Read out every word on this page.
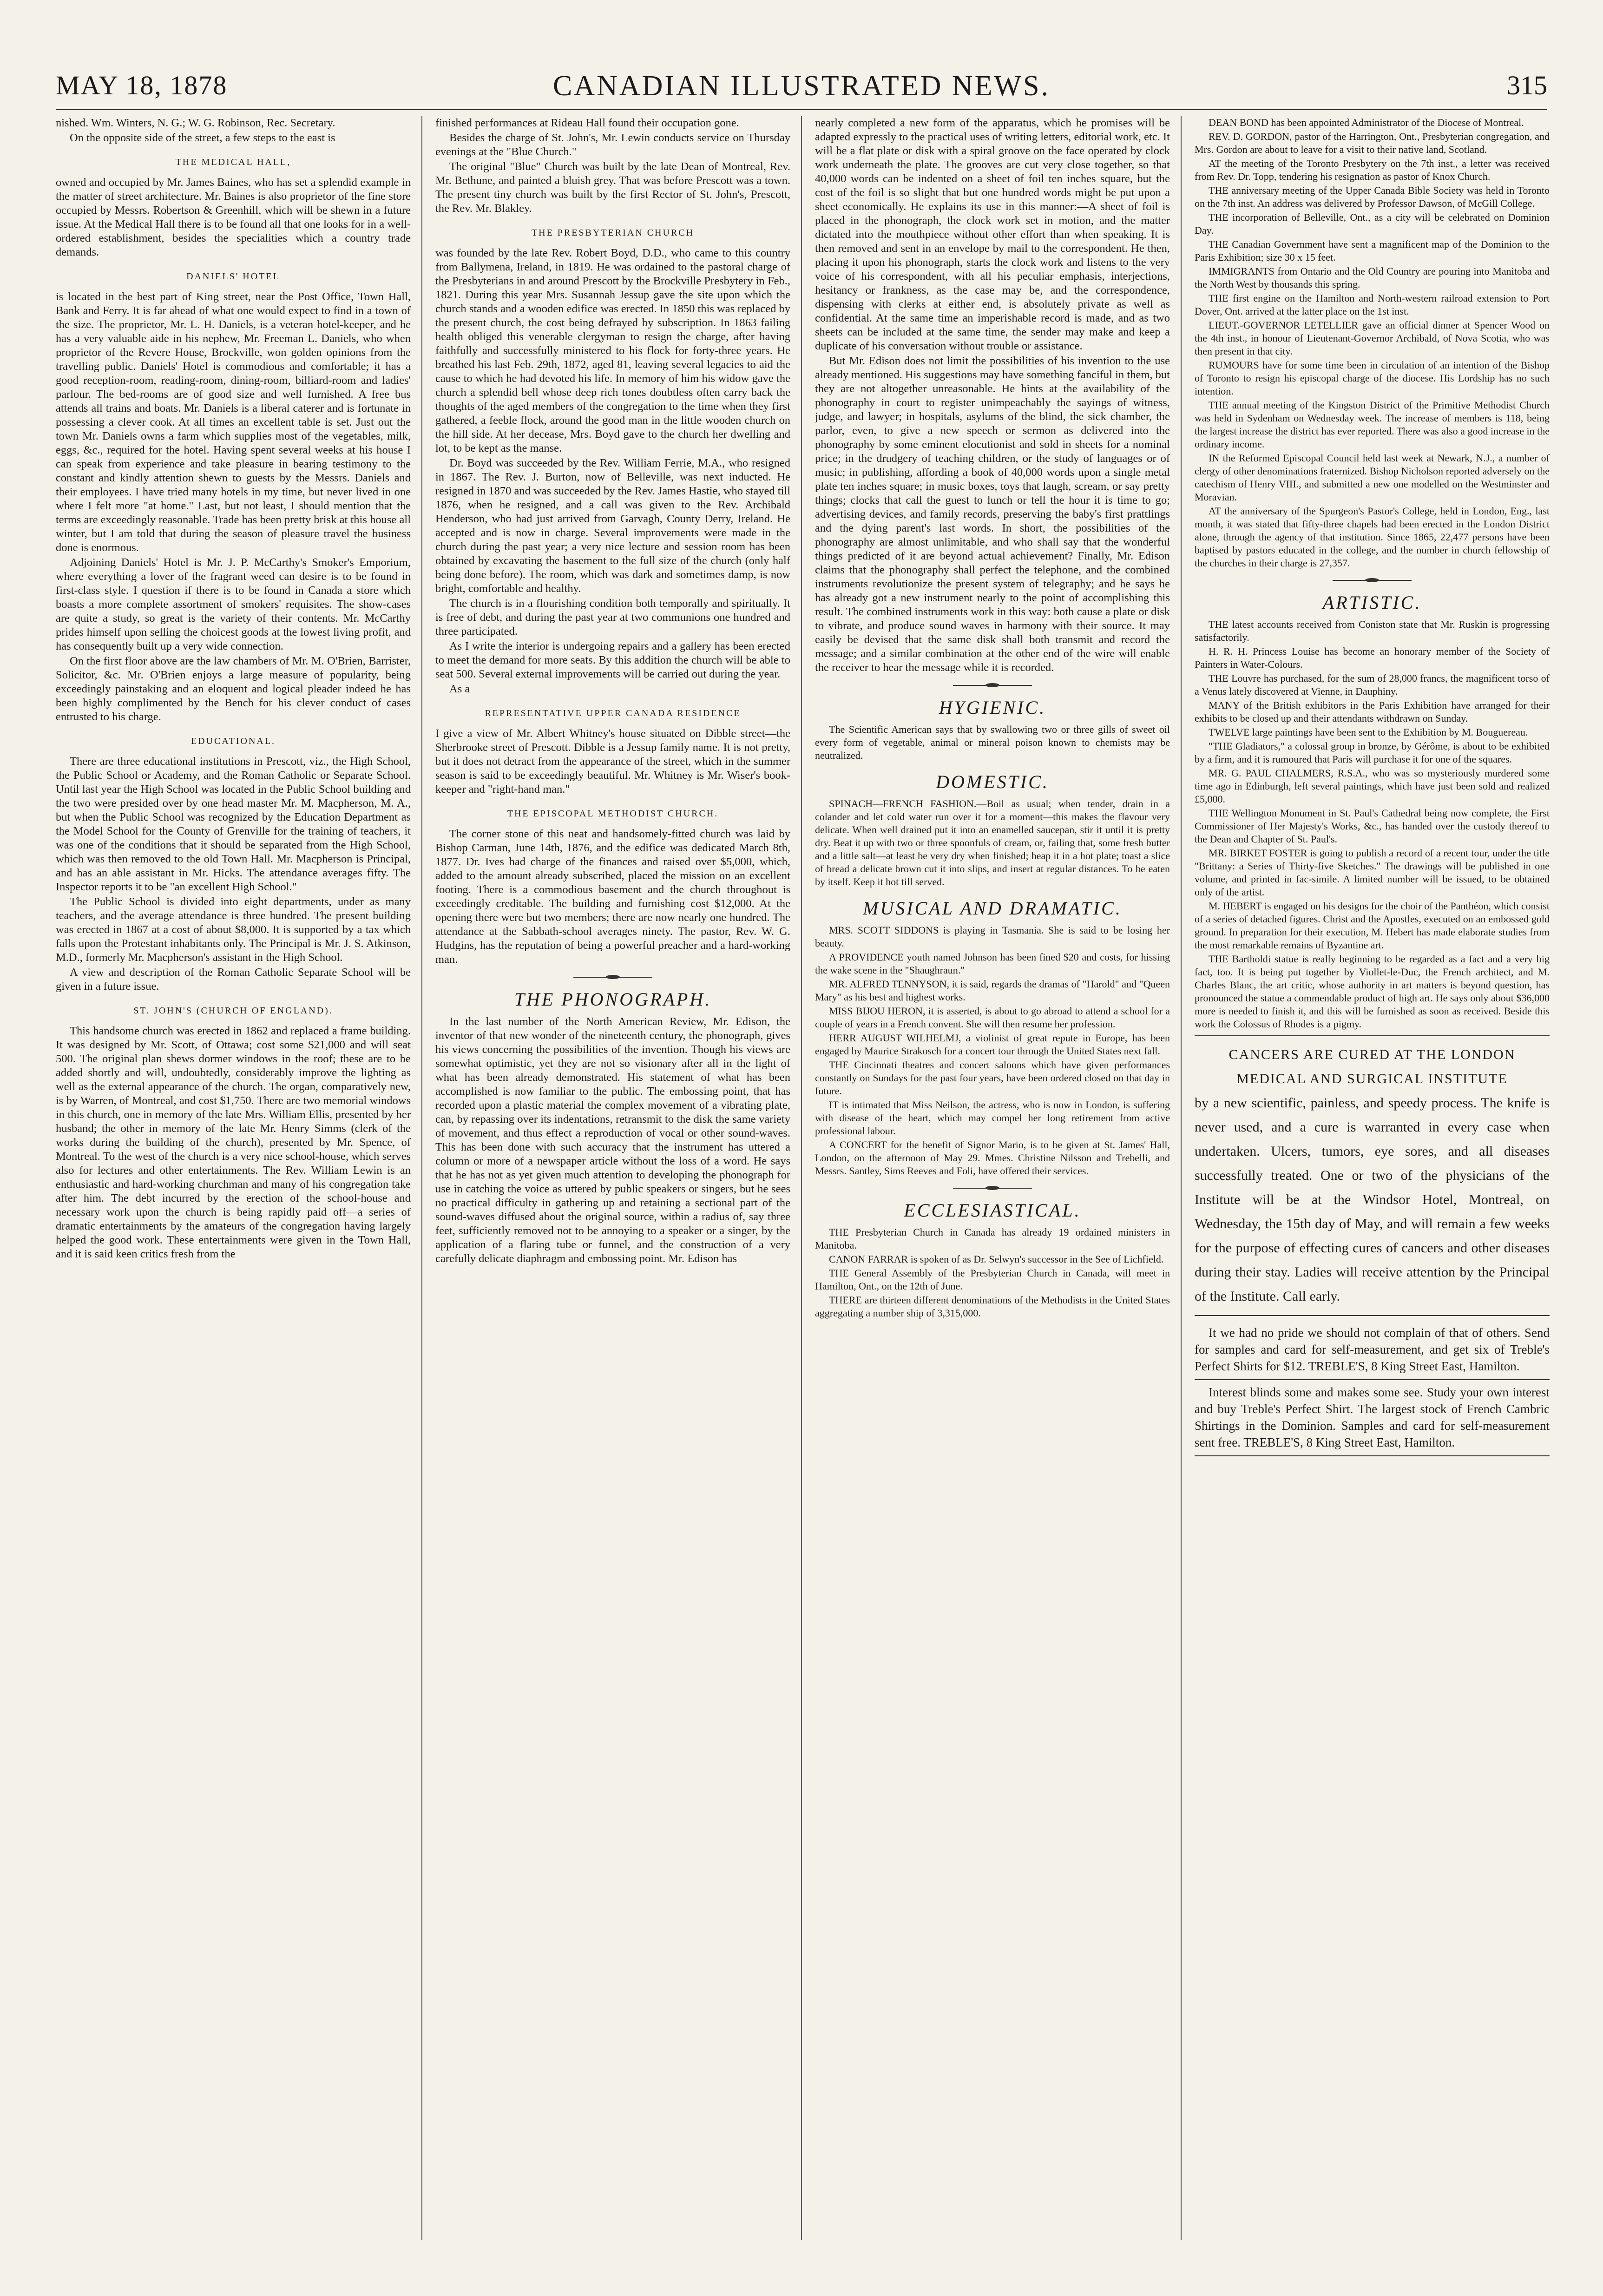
MAY 18, 1878	CANADIAN ILLUSTRATED NEWS.	315

nished. Wm. Winters, N. G.; W. G. Robinson, Rec. Secretary.

On the opposite side of the street, a few steps to the east is

THE MEDICAL HALL,

owned and occupied by Mr. James Baines, who has set a splendid example in the matter of street architecture. Mr. Baines is also proprietor of the fine store occupied by Messrs. Robertson & Greenhill, which will be shewn in a future issue. At the Medical Hall there is to be found all that one looks for in a well-ordered establishment, besides the specialities which a country trade demands.

DANIELS' HOTEL

is located in the best part of King street, near the Post Office, Town Hall, Bank and Ferry. It is far ahead of what one would expect to find in a town of the size. The proprietor, Mr. L. H. Daniels, is a veteran hotel-keeper, and he has a very valuable aide in his nephew, Mr. Freeman L. Daniels, who when proprietor of the Revere House, Brockville, won golden opinions from the travelling public. Daniels' Hotel is commodious and comfortable; it has a good reception-room, reading-room, dining-room, billiard-room and ladies' parlour. The bed-rooms are of good size and well furnished. A free bus attends all trains and boats. Mr. Daniels is a liberal caterer and is fortunate in possessing a clever cook. At all times an excellent table is set. Just out the town Mr. Daniels owns a farm which supplies most of the vegetables, milk, eggs, &c., required for the hotel. Having spent several weeks at his house I can speak from experience and take pleasure in bearing testimony to the constant and kindly attention shewn to guests by the Messrs. Daniels and their employees. I have tried many hotels in my time, but never lived in one where I felt more "at home." Last, but not least, I should mention that the terms are exceedingly reasonable. Trade has been pretty brisk at this house all winter, but I am told that during the season of pleasure travel the business done is enormous.

Adjoining Daniels' Hotel is Mr. J. P. McCarthy's Smoker's Emporium, where everything a lover of the fragrant weed can desire is to be found in first-class style. I question if there is to be found in Canada a store which boasts a more complete assortment of smokers' requisites. The show-cases are quite a study, so great is the variety of their contents. Mr. McCarthy prides himself upon selling the choicest goods at the lowest living profit, and has consequently built up a very wide connection.

On the first floor above are the law chambers of Mr. M. O'Brien, Barrister, Solicitor, &c. Mr. O'Brien enjoys a large measure of popularity, being exceedingly painstaking and an eloquent and logical pleader indeed he has been highly complimented by the Bench for his clever conduct of cases entrusted to his charge.

EDUCATIONAL.

There are three educational institutions in Prescott, viz., the High School, the Public School or Academy, and the Roman Catholic or Separate School. Until last year the High School was located in the Public School building and the two were presided over by one head master Mr. M. Macpherson, M. A., but when the Public School was recognized by the Education Department as the Model School for the County of Grenville for the training of teachers, it was one of the conditions that it should be separated from the High School, which was then removed to the old Town Hall. Mr. Macpherson is Principal, and has an able assistant in Mr. Hicks. The attendance averages fifty. The Inspector reports it to be "an excellent High School."

The Public School is divided into eight departments, under as many teachers, and the average attendance is three hundred. The present building was erected in 1867 at a cost of about $8,000. It is supported by a tax which falls upon the Protestant inhabitants only. The Principal is Mr. J. S. Atkinson, M.D., formerly Mr. Macpherson's assistant in the High School.

A view and description of the Roman Catholic Separate School will be given in a future issue.

ST. JOHN'S (CHURCH OF ENGLAND).

This handsome church was erected in 1862 and replaced a frame building. It was designed by Mr. Scott, of Ottawa; cost some $21,000 and will seat 500. The original plan shews dormer windows in the roof; these are to be added shortly and will, undoubtedly, considerably improve the lighting as well as the external appearance of the church. The organ, comparatively new, is by Warren, of Montreal, and cost $1,750. There are two memorial windows in this church, one in memory of the late Mrs. William Ellis, presented by her husband; the other in memory of the late Mr. Henry Simms (clerk of the works during the building of the church), presented by Mr. Spence, of Montreal. To the west of the church is a very nice school-house, which serves also for lectures and other entertainments. The Rev. William Lewin is an enthusiastic and hard-working churchman and many of his congregation take after him. The debt incurred by the erection of the school-house and necessary work upon the church is being rapidly paid off—a series of dramatic entertainments by the amateurs of the congregation having largely helped the good work. These entertainments were given in the Town Hall, and it is said keen critics fresh from the

finished performances at Rideau Hall found their occupation gone.

Besides the charge of St. John's, Mr. Lewin conducts service on Thursday evenings at the "Blue Church."

The original "Blue" Church was built by the late Dean of Montreal, Rev. Mr. Bethune, and painted a bluish grey. That was before Prescott was a town. The present tiny church was built by the first Rector of St. John's, Prescott, the Rev. Mr. Blakley.

THE PRESBYTERIAN CHURCH

was founded by the late Rev. Robert Boyd, D.D., who came to this country from Ballymena, Ireland, in 1819. He was ordained to the pastoral charge of the Presbyterians in and around Prescott by the Brockville Presbytery in Feb., 1821. During this year Mrs. Susannah Jessup gave the site upon which the church stands and a wooden edifice was erected. In 1850 this was replaced by the present church, the cost being defrayed by subscription. In 1863 failing health obliged this venerable clergyman to resign the charge, after having faithfully and successfully ministered to his flock for forty-three years. He breathed his last Feb. 29th, 1872, aged 81, leaving several legacies to aid the cause to which he had devoted his life. In memory of him his widow gave the church a splendid bell whose deep rich tones doubtless often carry back the thoughts of the aged members of the congregation to the time when they first gathered, a feeble flock, around the good man in the little wooden church on the hill side. At her decease, Mrs. Boyd gave to the church her dwelling and lot, to be kept as the manse.

Dr. Boyd was succeeded by the Rev. William Ferrie, M.A., who resigned in 1867. The Rev. J. Burton, now of Belleville, was next inducted. He resigned in 1870 and was succeeded by the Rev. James Hastie, who stayed till 1876, when he resigned, and a call was given to the Rev. Archibald Henderson, who had just arrived from Garvagh, County Derry, Ireland. He accepted and is now in charge. Several improvements were made in the church during the past year; a very nice lecture and session room has been obtained by excavating the basement to the full size of the church (only half being done before). The room, which was dark and sometimes damp, is now bright, comfortable and healthy.

The church is in a flourishing condition both temporally and spiritually. It is free of debt, and during the past year at two communions one hundred and three participated.

As I write the interior is undergoing repairs and a gallery has been erected to meet the demand for more seats. By this addition the church will be able to seat 500. Several external improvements will be carried out during the year.

As a

REPRESENTATIVE UPPER CANADA RESIDENCE

I give a view of Mr. Albert Whitney's house situated on Dibble street—the Sherbrooke street of Prescott. Dibble is a Jessup family name. It is not pretty, but it does not detract from the appearance of the street, which in the summer season is said to be exceedingly beautiful. Mr. Whitney is Mr. Wiser's book-keeper and "right-hand man."

THE EPISCOPAL METHODIST CHURCH.

The corner stone of this neat and handsomely-fitted church was laid by Bishop Carman, June 14th, 1876, and the edifice was dedicated March 8th, 1877. Dr. Ives had charge of the finances and raised over $5,000, which, added to the amount already subscribed, placed the mission on an excellent footing. There is a commodious basement and the church throughout is exceedingly creditable. The building and furnishing cost $12,000. At the opening there were but two members; there are now nearly one hundred. The attendance at the Sabbath-school averages ninety. The pastor, Rev. W. G. Hudgins, has the reputation of being a powerful preacher and a hard-working man.

THE PHONOGRAPH.

In the last number of the North American Review, Mr. Edison, the inventor of that new wonder of the nineteenth century, the phonograph, gives his views concerning the possibilities of the invention. Though his views are somewhat optimistic, yet they are not so visionary after all in the light of what has been already demonstrated. His statement of what has been accomplished is now familiar to the public. The embossing point, that has recorded upon a plastic material the complex movement of a vibrating plate, can, by repassing over its indentations, retransmit to the disk the same variety of movement, and thus effect a reproduction of vocal or other sound-waves. This has been done with such accuracy that the instrument has uttered a column or more of a newspaper article without the loss of a word. He says that he has not as yet given much attention to developing the phonograph for use in catching the voice as uttered by public speakers or singers, but he sees no practical difficulty in gathering up and retaining a sectional part of the sound-waves diffused about the original source, within a radius of, say three feet, sufficiently removed not to be annoying to a speaker or a singer, by the application of a flaring tube or funnel, and the construction of a very carefully delicate diaphragm and embossing point. Mr. Edison has

nearly completed a new form of the apparatus, which he promises will be adapted expressly to the practical uses of writing letters, editorial work, etc. It will be a flat plate or disk with a spiral groove on the face operated by clock work underneath the plate. The grooves are cut very close together, so that 40,000 words can be indented on a sheet of foil ten inches square, but the cost of the foil is so slight that but one hundred words might be put upon a sheet economically. He explains its use in this manner:—A sheet of foil is placed in the phonograph, the clock work set in motion, and the matter dictated into the mouthpiece without other effort than when speaking. It is then removed and sent in an envelope by mail to the correspondent. He then, placing it upon his phonograph, starts the clock work and listens to the very voice of his correspondent, with all his peculiar emphasis, interjections, hesitancy or frankness, as the case may be, and the correspondence, dispensing with clerks at either end, is absolutely private as well as confidential. At the same time an imperishable record is made, and as two sheets can be included at the same time, the sender may make and keep a duplicate of his conversation without trouble or assistance.

But Mr. Edison does not limit the possibilities of his invention to the use already mentioned. His suggestions may have something fanciful in them, but they are not altogether unreasonable. He hints at the availability of the phonography in court to register unimpeachably the sayings of witness, judge, and lawyer; in hospitals, asylums of the blind, the sick chamber, the parlor, even, to give a new speech or sermon as delivered into the phonography by some eminent elocutionist and sold in sheets for a nominal price; in the drudgery of teaching children, or the study of languages or of music; in publishing, affording a book of 40,000 words upon a single metal plate ten inches square; in music boxes, toys that laugh, scream, or say pretty things; clocks that call the guest to lunch or tell the hour it is time to go; advertising devices, and family records, preserving the baby's first prattlings and the dying parent's last words. In short, the possibilities of the phonography are almost unlimitable, and who shall say that the wonderful things predicted of it are beyond actual achievement? Finally, Mr. Edison claims that the phonography shall perfect the telephone, and the combined instruments revolutionize the present system of telegraphy; and he says he has already got a new instrument nearly to the point of accomplishing this result. The combined instruments work in this way: both cause a plate or disk to vibrate, and produce sound waves in harmony with their source. It may easily be devised that the same disk shall both transmit and record the message; and a similar combination at the other end of the wire will enable the receiver to hear the message while it is recorded.

HYGIENIC.

The Scientific American says that by swallowing two or three gills of sweet oil every form of vegetable, animal or mineral poison known to chemists may be neutralized.

DOMESTIC.

SPINACH—FRENCH FASHION.—Boil as usual; when tender, drain in a colander and let cold water run over it for a moment—this makes the flavour very delicate. When well drained put it into an enamelled saucepan, stir it until it is pretty dry. Beat it up with two or three spoonfuls of cream, or, failing that, some fresh butter and a little salt—at least be very dry when finished; heap it in a hot plate; toast a slice of bread a delicate brown cut it into slips, and insert at regular distances. To be eaten by itself. Keep it hot till served.

MUSICAL AND DRAMATIC.

MRS. SCOTT SIDDONS is playing in Tasmania. She is said to be losing her beauty.

A PROVIDENCE youth named Johnson has been fined $20 and costs, for hissing the wake scene in the "Shaughraun."

MR. ALFRED TENNYSON, it is said, regards the dramas of "Harold" and "Queen Mary" as his best and highest works.

MISS BIJOU HERON, it is asserted, is about to go abroad to attend a school for a couple of years in a French convent. She will then resume her profession.

HERR AUGUST WILHELMJ, a violinist of great repute in Europe, has been engaged by Maurice Strakosch for a concert tour through the United States next fall.

THE Cincinnati theatres and concert saloons which have given performances constantly on Sundays for the past four years, have been ordered closed on that day in future.

IT is intimated that Miss Neilson, the actress, who is now in London, is suffering with disease of the heart, which may compel her long retirement from active professional labour.

A CONCERT for the benefit of Signor Mario, is to be given at St. James' Hall, London, on the afternoon of May 29. Mmes. Christine Nilsson and Trebelli, and Messrs. Santley, Sims Reeves and Foli, have offered their services.

ECCLESIASTICAL.

THE Presbyterian Church in Canada has already 19 ordained ministers in Manitoba.

CANON FARRAR is spoken of as Dr. Selwyn's successor in the See of Lichfield.

THE General Assembly of the Presbyterian Church in Canada, will meet in Hamilton, Ont., on the 12th of June.

THERE are thirteen different denominations of the Methodists in the United States aggregating a number ship of 3,315,000.

DEAN BOND has been appointed Administrator of the Diocese of Montreal.

REV. D. GORDON, pastor of the Harrington, Ont., Presbyterian congregation, and Mrs. Gordon are about to leave for a visit to their native land, Scotland.

AT the meeting of the Toronto Presbytery on the 7th inst., a letter was received from Rev. Dr. Topp, tendering his resignation as pastor of Knox Church.

THE anniversary meeting of the Upper Canada Bible Society was held in Toronto on the 7th inst. An address was delivered by Professor Dawson, of McGill College.

THE incorporation of Belleville, Ont., as a city will be celebrated on Dominion Day.

THE Canadian Government have sent a magnificent map of the Dominion to the Paris Exhibition; size 30 x 15 feet.

IMMIGRANTS from Ontario and the Old Country are pouring into Manitoba and the North West by thousands this spring.

THE first engine on the Hamilton and North-western railroad extension to Port Dover, Ont. arrived at the latter place on the 1st inst.

LIEUT.-GOVERNOR LETELLIER gave an official dinner at Spencer Wood on the 4th inst., in honour of Lieutenant-Governor Archibald, of Nova Scotia, who was then present in that city.

RUMOURS have for some time been in circulation of an intention of the Bishop of Toronto to resign his episcopal charge of the diocese. His Lordship has no such intention.

THE annual meeting of the Kingston District of the Primitive Methodist Church was held in Sydenham on Wednesday week. The increase of members is 118, being the largest increase the district has ever reported. There was also a good increase in the ordinary income.

IN the Reformed Episcopal Council held last week at Newark, N.J., a number of clergy of other denominations fraternized. Bishop Nicholson reported adversely on the catechism of Henry VIII., and submitted a new one modelled on the Westminster and Moravian.

AT the anniversary of the Spurgeon's Pastor's College, held in London, Eng., last month, it was stated that fifty-three chapels had been erected in the London District alone, through the agency of that institution. Since 1865, 22,477 persons have been baptised by pastors educated in the college, and the number in church fellowship of the churches in their charge is 27,357.

ARTISTIC.

THE latest accounts received from Coniston state that Mr. Ruskin is progressing satisfactorily.

H. R. H. Princess Louise has become an honorary member of the Society of Painters in Water-Colours.

THE Louvre has purchased, for the sum of 28,000 francs, the magnificent torso of a Venus lately discovered at Vienne, in Dauphiny.

MANY of the British exhibitors in the Paris Exhibition have arranged for their exhibits to be closed up and their attendants withdrawn on Sunday.

TWELVE large paintings have been sent to the Exhibition by M. Bouguereau.

"THE Gladiators," a colossal group in bronze, by Gérôme, is about to be exhibited by a firm, and it is rumoured that Paris will purchase it for one of the squares.

MR. G. PAUL CHALMERS, R.S.A., who was so mysteriously murdered some time ago in Edinburgh, left several paintings, which have just been sold and realized £5,000.

THE Wellington Monument in St. Paul's Cathedral being now complete, the First Commissioner of Her Majesty's Works, &c., has handed over the custody thereof to the Dean and Chapter of St. Paul's.

MR. BIRKET FOSTER is going to publish a record of a recent tour, under the title "Brittany: a Series of Thirty-five Sketches." The drawings will be published in one volume, and printed in fac-simile. A limited number will be issued, to be obtained only of the artist.

M. HEBERT is engaged on his designs for the choir of the Panthéon, which consist of a series of detached figures. Christ and the Apostles, executed on an embossed gold ground. In preparation for their execution, M. Hebert has made elaborate studies from the most remarkable remains of Byzantine art.

THE Bartholdi statue is really beginning to be regarded as a fact and a very big fact, too. It is being put together by Viollet-le-Duc, the French architect, and M. Charles Blanc, the art critic, whose authority in art matters is beyond question, has pronounced the statue a commendable product of high art. He says only about $36,000 more is needed to finish it, and this will be furnished as soon as received. Beside this work the Colossus of Rhodes is a pigmy.

CANCERS ARE CURED AT THE LONDON MEDICAL AND SURGICAL INSTITUTE
by a new scientific, painless, and speedy process. The knife is never used, and a cure is warranted in every case when undertaken. Ulcers, tumors, eye sores, and all diseases successfully treated. One or two of the physicians of the Institute will be at the Windsor Hotel, Montreal, on Wednesday, the 15th day of May, and will remain a few weeks for the purpose of effecting cures of cancers and other diseases during their stay. Ladies will receive attention by the Principal of the Institute. Call early.

It we had no pride we should not complain of that of others. Send for samples and card for self-measurement, and get six of Treble's Perfect Shirts for $12. TREBLE'S, 8 King Street East, Hamilton.

Interest blinds some and makes some see. Study your own interest and buy Treble's Perfect Shirt. The largest stock of French Cambric Shirtings in the Dominion. Samples and card for self-measurement sent free. TREBLE'S, 8 King Street East, Hamilton.
